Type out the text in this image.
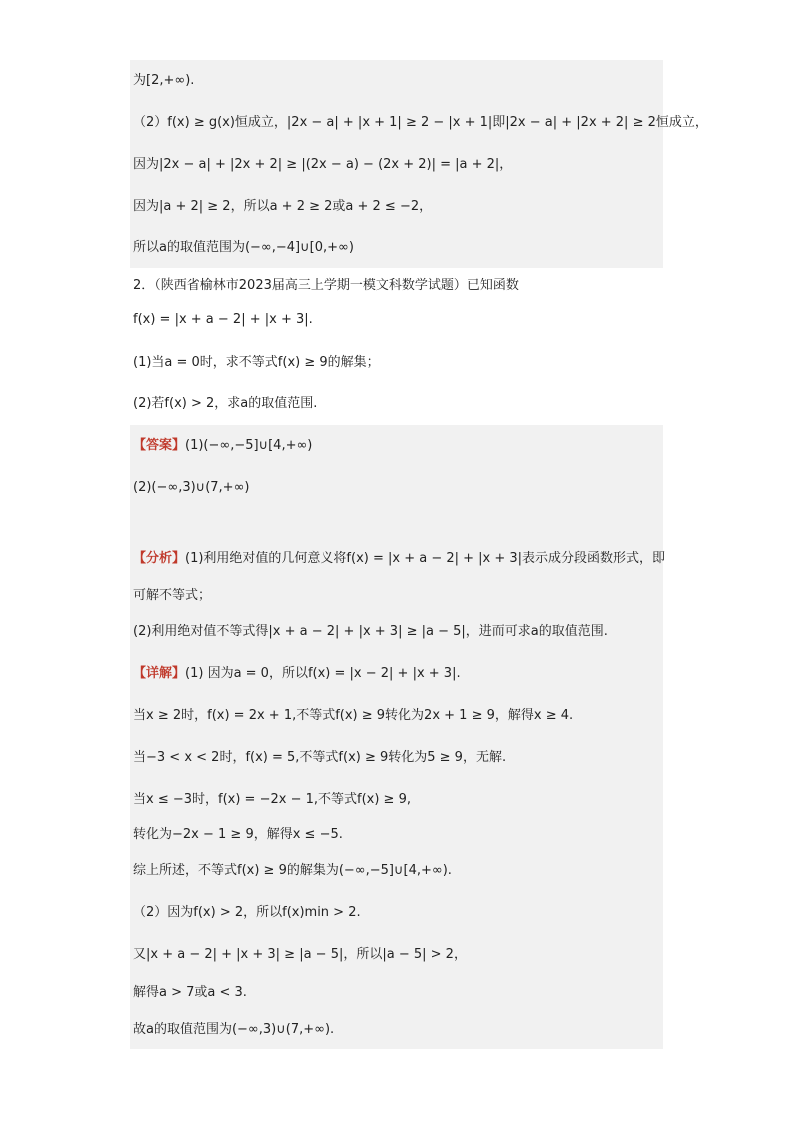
为[2,+∞).
（2）f(x) ≥ g(x)恒成立，|2x − a| + |x + 1| ≥ 2 − |x + 1|即|2x − a| + |2x + 2| ≥ 2恒成立，
因为|2x − a| + |2x + 2| ≥ |(2x − a) − (2x + 2)| = |a + 2|，
因为|a + 2| ≥ 2，所以a + 2 ≥ 2或a + 2 ≤ −2，
所以a的取值范围为(−∞,−4]∪[0,+∞)
2．（陕西省榆林市2023届高三上学期一模文科数学试题）已知函数
f(x) = |x + a − 2| + |x + 3|.
(1)当a = 0时，求不等式f(x) ≥ 9的解集；
(2)若f(x) > 2，求a的取值范围.
【答案】(1)(−∞,−5]∪[4,+∞)
(2)(−∞,3)∪(7,+∞)
【分析】(1)利用绝对值的几何意义将f(x) = |x + a − 2| + |x + 3|表示成分段函数形式，即
可解不等式；
(2)利用绝对值不等式得|x + a − 2| + |x + 3| ≥ |a − 5|，进而可求a的取值范围.
【详解】(1) 因为a = 0，所以f(x) = |x − 2| + |x + 3|.
当x ≥ 2时，f(x) = 2x + 1,不等式f(x) ≥ 9转化为2x + 1 ≥ 9，解得x ≥ 4.
当−3 < x < 2时，f(x) = 5,不等式f(x) ≥ 9转化为5 ≥ 9，无解.
当x ≤ −3时，f(x) = −2x − 1,不等式f(x) ≥ 9,
转化为−2x − 1 ≥ 9，解得x ≤ −5.
综上所述，不等式f(x) ≥ 9的解集为(−∞,−5]∪[4,+∞).
（2）因为f(x) > 2，所以f(x)min > 2.
又|x + a − 2| + |x + 3| ≥ |a − 5|，所以|a − 5| > 2，
解得a > 7或a < 3.
故a的取值范围为(−∞,3)∪(7,+∞).
